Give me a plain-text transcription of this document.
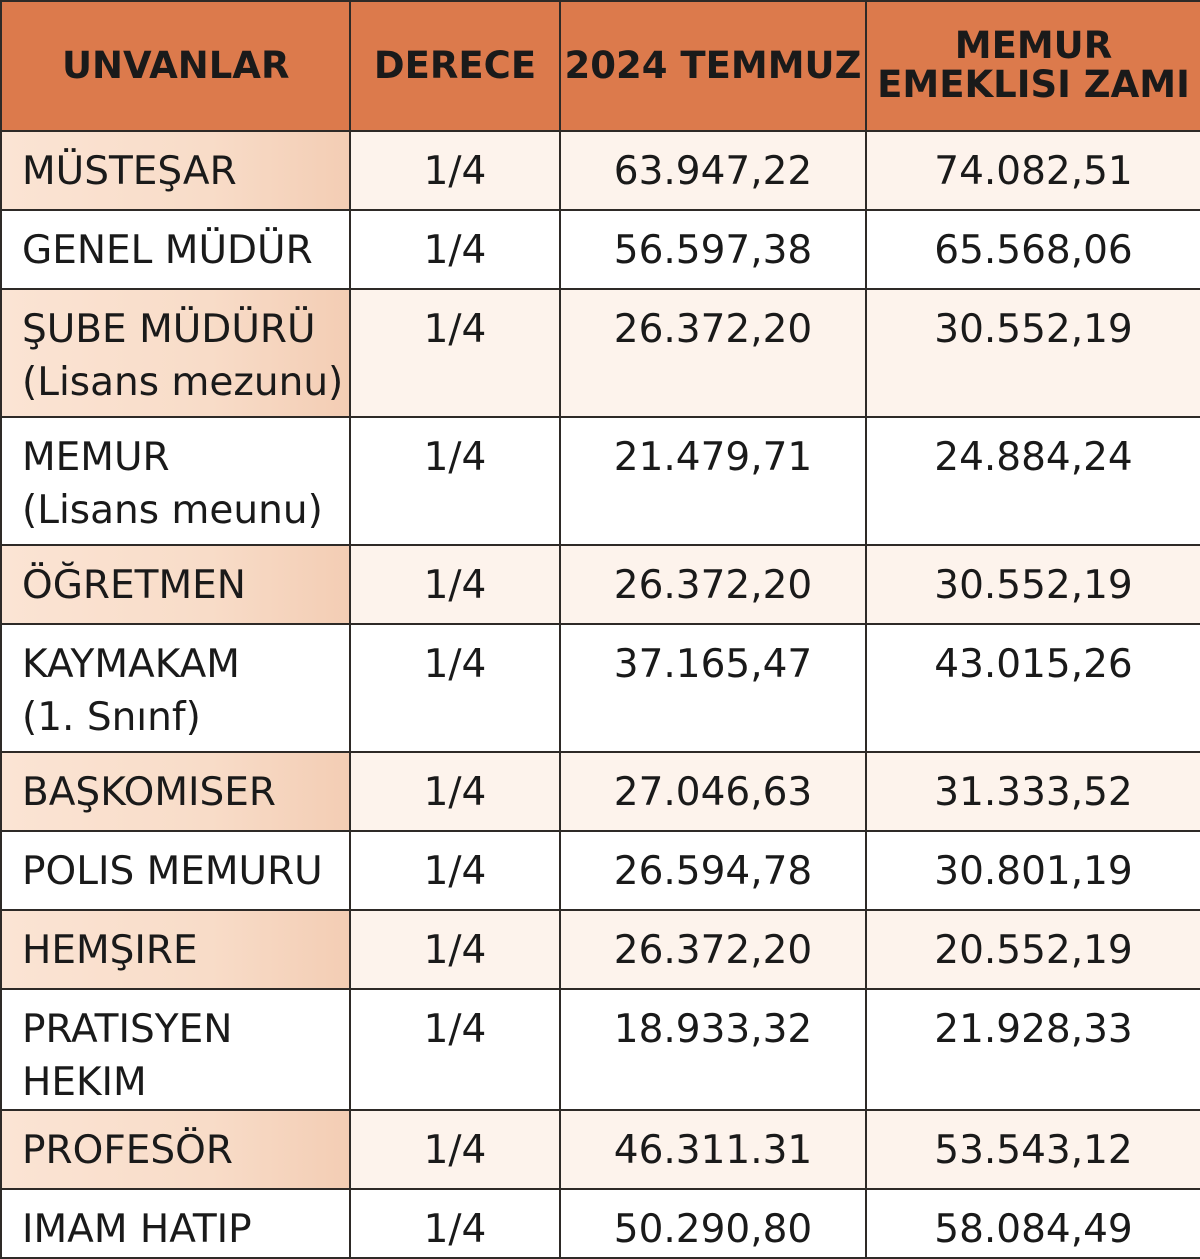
UNVANLAR	DERECE	2024 TEMMUZ	MEMUR
EMEKLISI ZAMI

MÜSTEŞAR	1/4	63.947,22	74.082,51

GENEL MÜDÜR	1/4	56.597,38	65.568,06

ŞUBE MÜDÜRÜ
(Lisans mezunu)	1/4	26.372,20	30.552,19

MEMUR
(Lisans meunu)	1/4	21.479,71	24.884,24

ÖĞRETMEN	1/4	26.372,20	30.552,19

KAYMAKAM
(1. Snınf)	1/4	37.165,47	43.015,26

BAŞKOMISER	1/4	27.046,63	31.333,52

POLIS MEMURU	1/4	26.594,78	30.801,19

HEMŞIRE	1/4	26.372,20	20.552,19

PRATISYEN HEKIM	1/4	18.933,32	21.928,33

PROFESÖR	1/4	46.311.31	53.543,12

IMAM HATIP	1/4	50.290,80	58.084,49
